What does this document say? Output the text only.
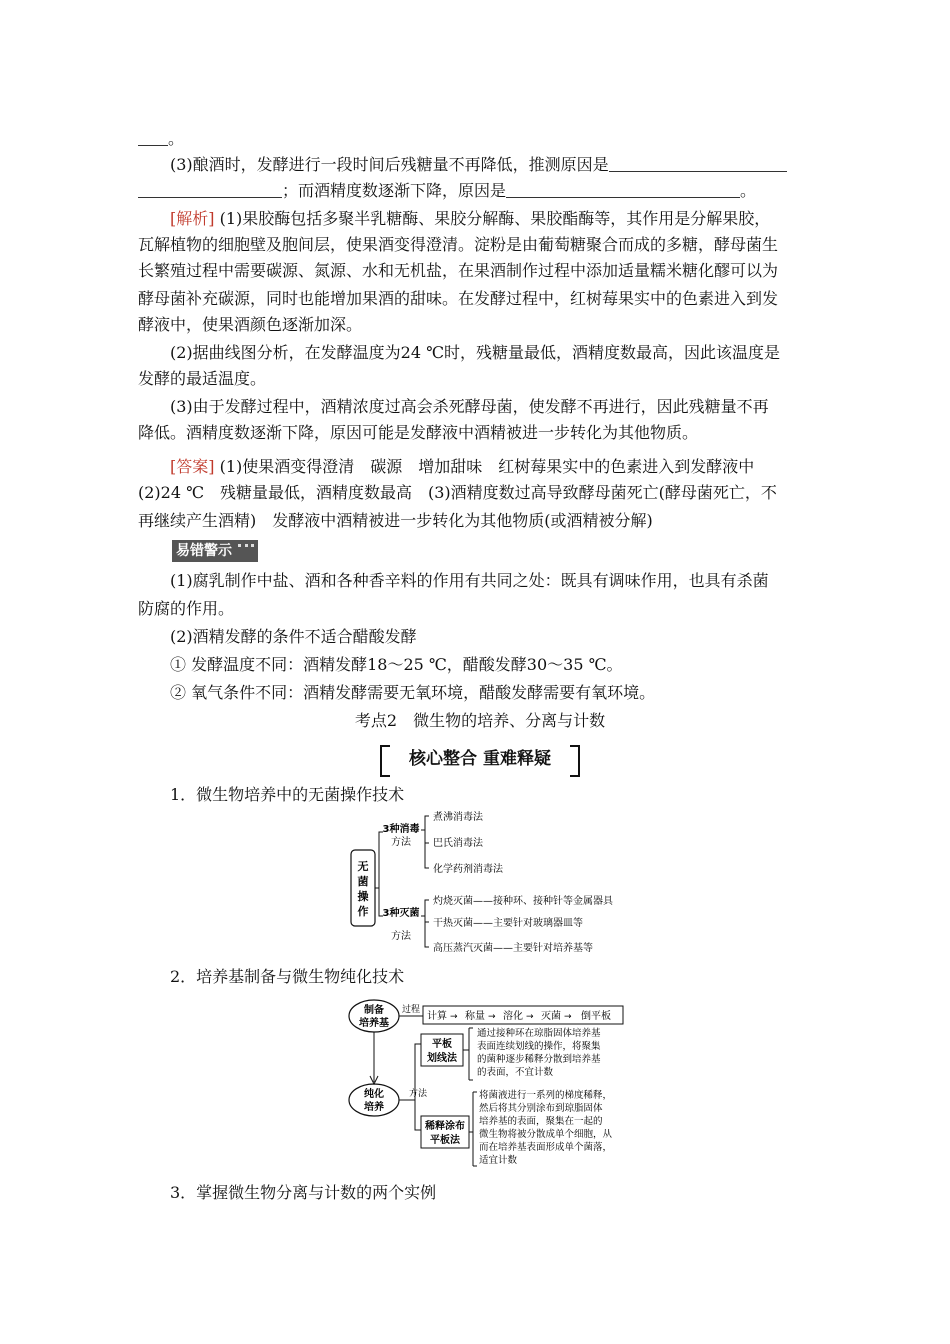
。
(3)酿酒时，发酵进行一段时间后残糖量不再降低，推测原因是
；而酒精度数逐渐下降，原因是	。
[解析] (1)果胶酶包括多聚半乳糖酶、果胶分解酶、果胶酯酶等，其作用是分解果胶，
瓦解植物的细胞壁及胞间层，使果酒变得澄清。淀粉是由葡萄糖聚合而成的多糖，酵母菌生
长繁殖过程中需要碳源、氮源、水和无机盐，在果酒制作过程中添加适量糯米糖化醪可以为
酵母菌补充碳源，同时也能增加果酒的甜味。在发酵过程中，红树莓果实中的色素进入到发
酵液中，使果酒颜色逐渐加深。
(2)据曲线图分析，在发酵温度为24 ℃时，残糖量最低，酒精度数最高，因此该温度是
发酵的最适温度。
(3)由于发酵过程中，酒精浓度过高会杀死酵母菌，使发酵不再进行，因此残糖量不再
降低。酒精度数逐渐下降，原因可能是发酵液中酒精被进一步转化为其他物质。
[答案] (1)使果酒变得澄清　碳源　增加甜味　红树莓果实中的色素进入到发酵液中
(2)24 ℃　残糖量最低，酒精度数最高　(3)酒精度数过高导致酵母菌死亡(酵母菌死亡，不
再继续产生酒精)　发酵液中酒精被进一步转化为其他物质(或酒精被分解)
易错警示
(1)腐乳制作中盐、酒和各种香辛料的作用有共同之处：既具有调味作用，也具有杀菌
防腐的作用。
(2)酒精发酵的条件不适合醋酸发酵
① 发酵温度不同：酒精发酵18～25 ℃，醋酸发酵30～35 ℃。
② 氧气条件不同：酒精发酵需要无氧环境，醋酸发酵需要有氧环境。
考点2　微生物的培养、分离与计数
核心整合 重难释疑
1．微生物培养中的无菌操作技术
无
菌
操
作
3种消毒
方法
3种灭菌
方法
煮沸消毒法
巴氏消毒法
化学药剂消毒法
灼烧灭菌——接种环、接种针等金属器具
干热灭菌——主要针对玻璃器皿等
高压蒸汽灭菌——主要针对培养基等
2．培养基制备与微生物纯化技术
制备
培养基
过程
计算 → 称量 → 溶化 → 灭菌 → 倒平板
纯化
培养
方法
平板
划线法
通过接种环在琼脂固体培养基
表面连续划线的操作，将聚集
的菌种逐步稀释分散到培养基
的表面，不宜计数
稀释涂布
平板法
将菌液进行一系列的梯度稀释，
然后将其分别涂布到琼脂固体
培养基的表面，聚集在一起的
微生物将被分散成单个细胞，从
而在培养基表面形成单个菌落，
适宜计数
3．掌握微生物分离与计数的两个实例
